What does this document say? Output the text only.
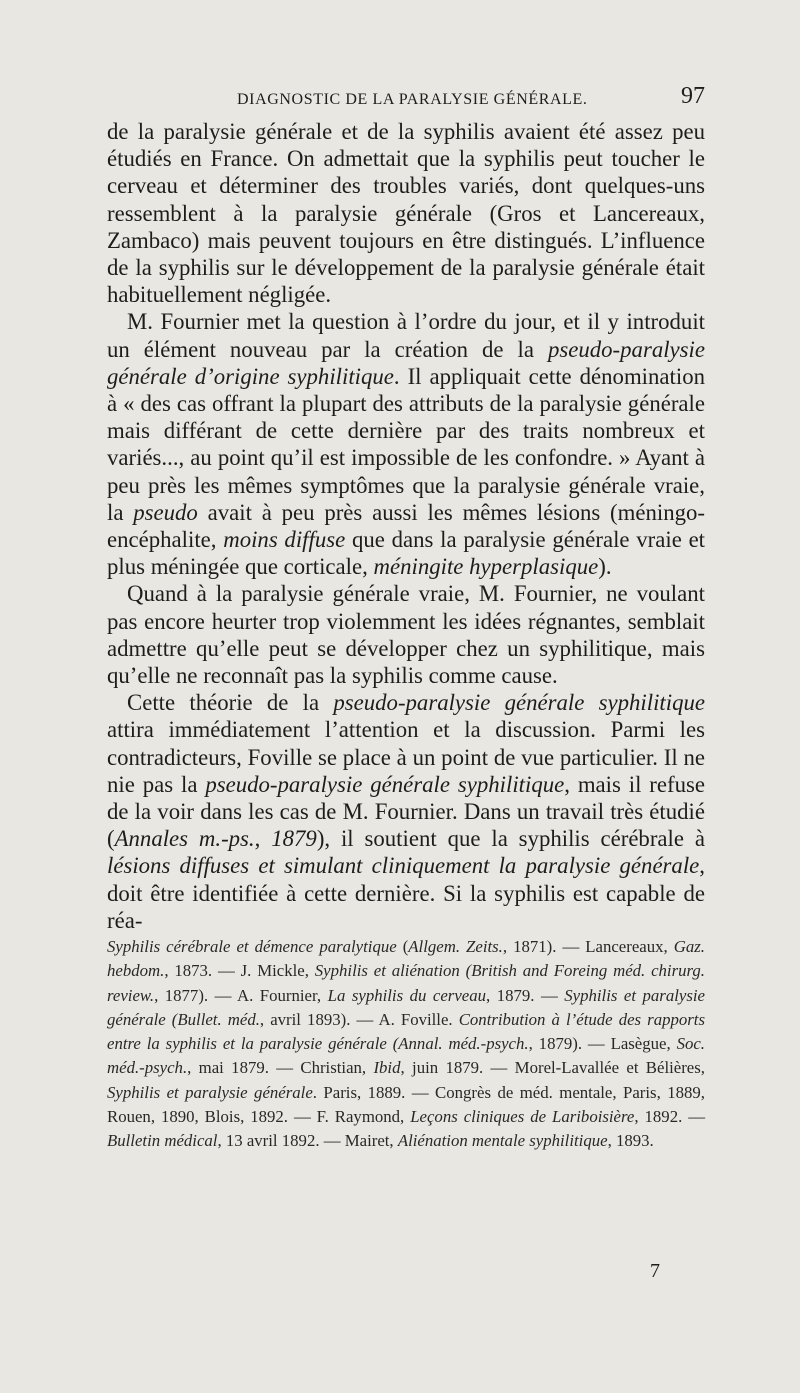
DIAGNOSTIC DE LA PARALYSIE GÉNÉRALE.	97

de la paralysie générale et de la syphilis avaient été assez peu étudiés en France. On admettait que la syphilis peut toucher le cerveau et déterminer des troubles variés, dont quelques-uns ressemblent à la paralysie générale (Gros et Lancereaux, Zambaco) mais peuvent toujours en être distingués. L’influence de la syphilis sur le développement de la paralysie générale était habituellement négligée.

M. Fournier met la question à l’ordre du jour, et il y introduit un élément nouveau par la création de la pseudo-paralysie générale d’origine syphilitique. Il appliquait cette dénomination à « des cas offrant la plupart des attributs de la paralysie générale mais différant de cette dernière par des traits nombreux et variés..., au point qu’il est impossible de les confondre. » Ayant à peu près les mêmes symptômes que la paralysie générale vraie, la pseudo avait à peu près aussi les mêmes lésions (méningo-encéphalite, moins diffuse que dans la paralysie générale vraie et plus méningée que corticale, méningite hyperplasique).

Quand à la paralysie générale vraie, M. Fournier, ne voulant pas encore heurter trop violemment les idées régnantes, semblait admettre qu’elle peut se développer chez un syphilitique, mais qu’elle ne reconnaît pas la syphilis comme cause.

Cette théorie de la pseudo-paralysie générale syphilitique attira immédiatement l’attention et la discussion. Parmi les contradicteurs, Foville se place à un point de vue particulier. Il ne nie pas la pseudo-paralysie générale syphilitique, mais il refuse de la voir dans les cas de M. Fournier. Dans un travail très étudié (Annales m.-ps., 1879), il soutient que la syphilis cérébrale à lésions diffuses et simulant cliniquement la paralysie générale, doit être identifiée à cette dernière. Si la syphilis est capable de réa-

Syphilis cérébrale et démence paralytique (Allgem. Zeits., 1871). — Lancereaux, Gaz. hebdom., 1873. — J. Mickle, Syphilis et aliénation (British and Foreing méd. chirurg. review., 1877). — A. Fournier, La syphilis du cerveau, 1879. — Syphilis et paralysie générale (Bullet. méd., avril 1893). — A. Foville. Contribution à l’étude des rapports entre la syphilis et la paralysie générale (Annal. méd.-psych., 1879). — Lasègue, Soc. méd.-psych., mai 1879. — Christian, Ibid, juin 1879. — Morel-Lavallée et Bélières, Syphilis et paralysie générale. Paris, 1889. — Congrès de méd. mentale, Paris, 1889, Rouen, 1890, Blois, 1892. — F. Raymond, Leçons cliniques de Lariboisière, 1892. — Bulletin médical, 13 avril 1892. — Mairet, Aliénation mentale syphilitique, 1893.
7
